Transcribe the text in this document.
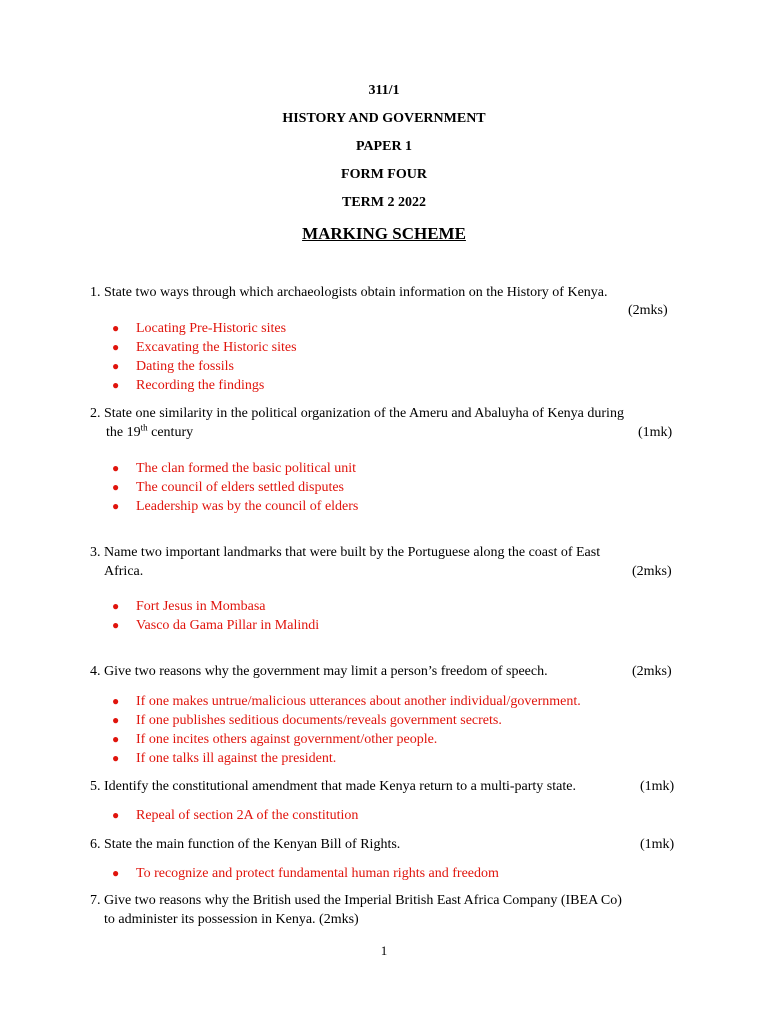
311/1
HISTORY AND GOVERNMENT
PAPER 1
FORM FOUR
TERM 2 2022
MARKING SCHEME
1. State two ways through which archaeologists obtain information on the History of Kenya.
(2mks)
● Locating Pre-Historic sites
● Excavating the Historic sites
● Dating the fossils
● Recording the findings
2. State one similarity in the political organization of the Ameru and Abaluyha of Kenya during
the 19th century	(1mk)
● The clan formed the basic political unit
● The council of elders settled disputes
● Leadership was by the council of elders
3. Name two important landmarks that were built by the Portuguese along the coast of East
Africa.	(2mks)
● Fort Jesus in Mombasa
● Vasco da Gama Pillar in Malindi
4. Give two reasons why the government may limit a person’s freedom of speech.	(2mks)
● If one makes untrue/malicious utterances about another individual/government.
● If one publishes seditious documents/reveals government secrets.
● If one incites others against government/other people.
● If one talks ill against the president.
5. Identify the constitutional amendment that made Kenya return to a multi-party state.	(1mk)
● Repeal of section 2A of the constitution
6. State the main function of the Kenyan Bill of Rights.	(1mk)
● To recognize and protect fundamental human rights and freedom
7. Give two reasons why the British used the Imperial British East Africa Company (IBEA Co)
to administer its possession in Kenya. (2mks)
1
